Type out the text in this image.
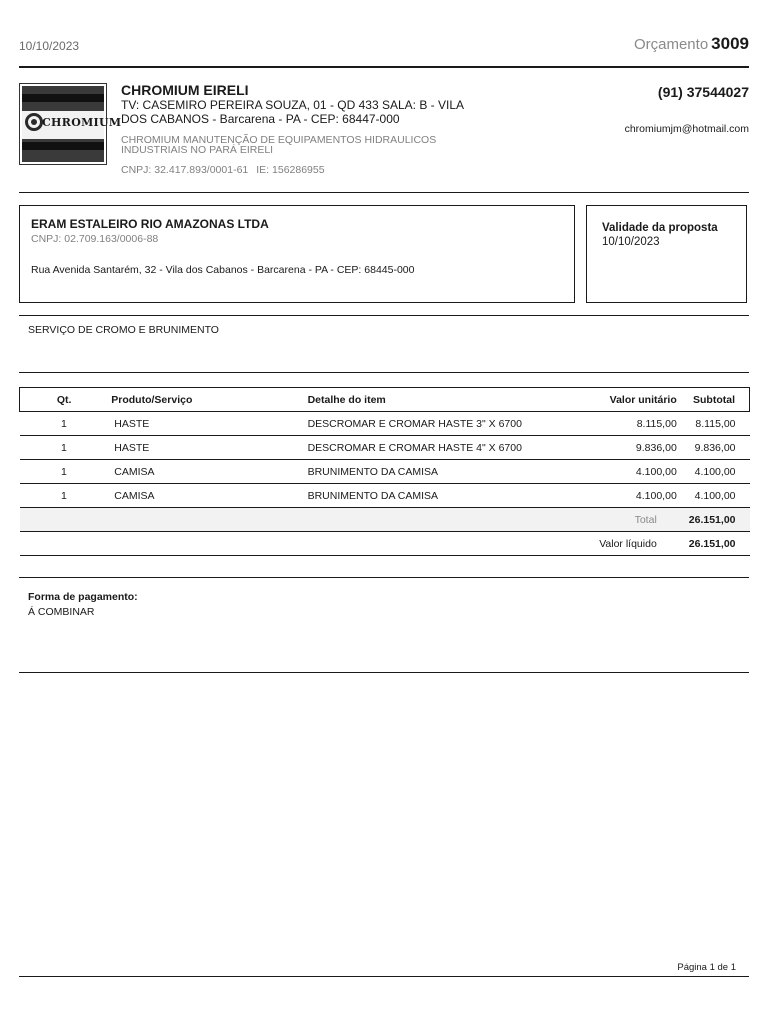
10/10/2023	Orçamento 3009
CHROMIUM
CHROMIUM EIRELI
TV: CASEMIRO PEREIRA SOUZA, 01 - QD 433 SALA: B - VILA DOS CABANOS - Barcarena - PA - CEP: 68447-000
CHROMIUM MANUTENÇÃO DE EQUIPAMENTOS HIDRAULICOS INDUSTRIAIS NO PARÁ EIRELI
CNPJ: 32.417.893/0001-61 IE: 156286955
(91) 37544027
chromiumjm@hotmail.com
ERAM ESTALEIRO RIO AMAZONAS LTDA
CNPJ: 02.709.163/0006-88
Rua Avenida Santarém, 32 - Vila dos Cabanos - Barcarena - PA - CEP: 68445-000
Validade da proposta
10/10/2023
SERVIÇO DE CROMO E BRUNIMENTO
Qt.	Produto/Serviço	Detalhe do item	Valor unitário	Subtotal
1	HASTE	DESCROMAR E CROMAR HASTE 3" X 6700	8.115,00	8.115,00
1	HASTE	DESCROMAR E CROMAR HASTE 4" X 6700	9.836,00	9.836,00
1	CAMISA	BRUNIMENTO DA CAMISA	4.100,00	4.100,00
1	CAMISA	BRUNIMENTO DA CAMISA	4.100,00	4.100,00
			Total	26.151,00
			Valor líquido	26.151,00
Forma de pagamento:
Á COMBINAR
Página 1 de 1
